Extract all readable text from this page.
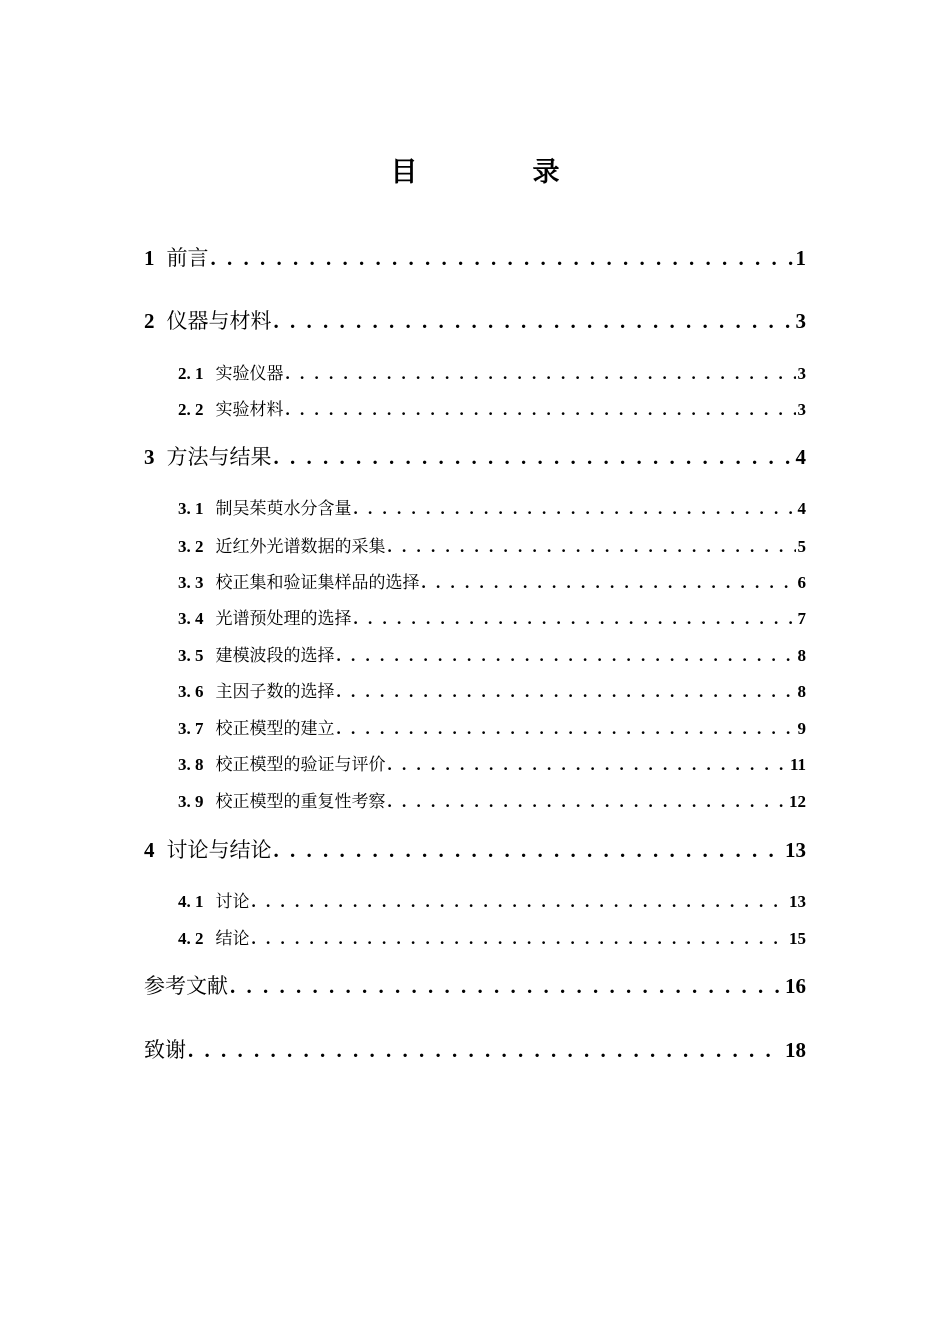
目　录
1 前言 . . .	1
2 仪器与材料 . . .	3
2. 1 实验仪器 . . .	3
2. 2 实验材料 . . .	3
3 方法与结果 . . .	4
3. 1 制吴茱萸水分含量 . . .	4
3. 2 近红外光谱数据的采集 . . .	5
3. 3 校正集和验证集样品的选择 . . .	6
3. 4 光谱预处理的选择 . . .	7
3. 5 建模波段的选择 . . .	8
3. 6 主因子数的选择 . . .	8
3. 7 校正模型的建立 . . .	9
3. 8 校正模型的验证与评价 . . .	11
3. 9 校正模型的重复性考察 . . .	12
4 讨论与结论 . . .	13
4. 1 讨论 . . .	13
4. 2 结论 . . .	15
参考文献 . . .	16
致谢 . . .	18
